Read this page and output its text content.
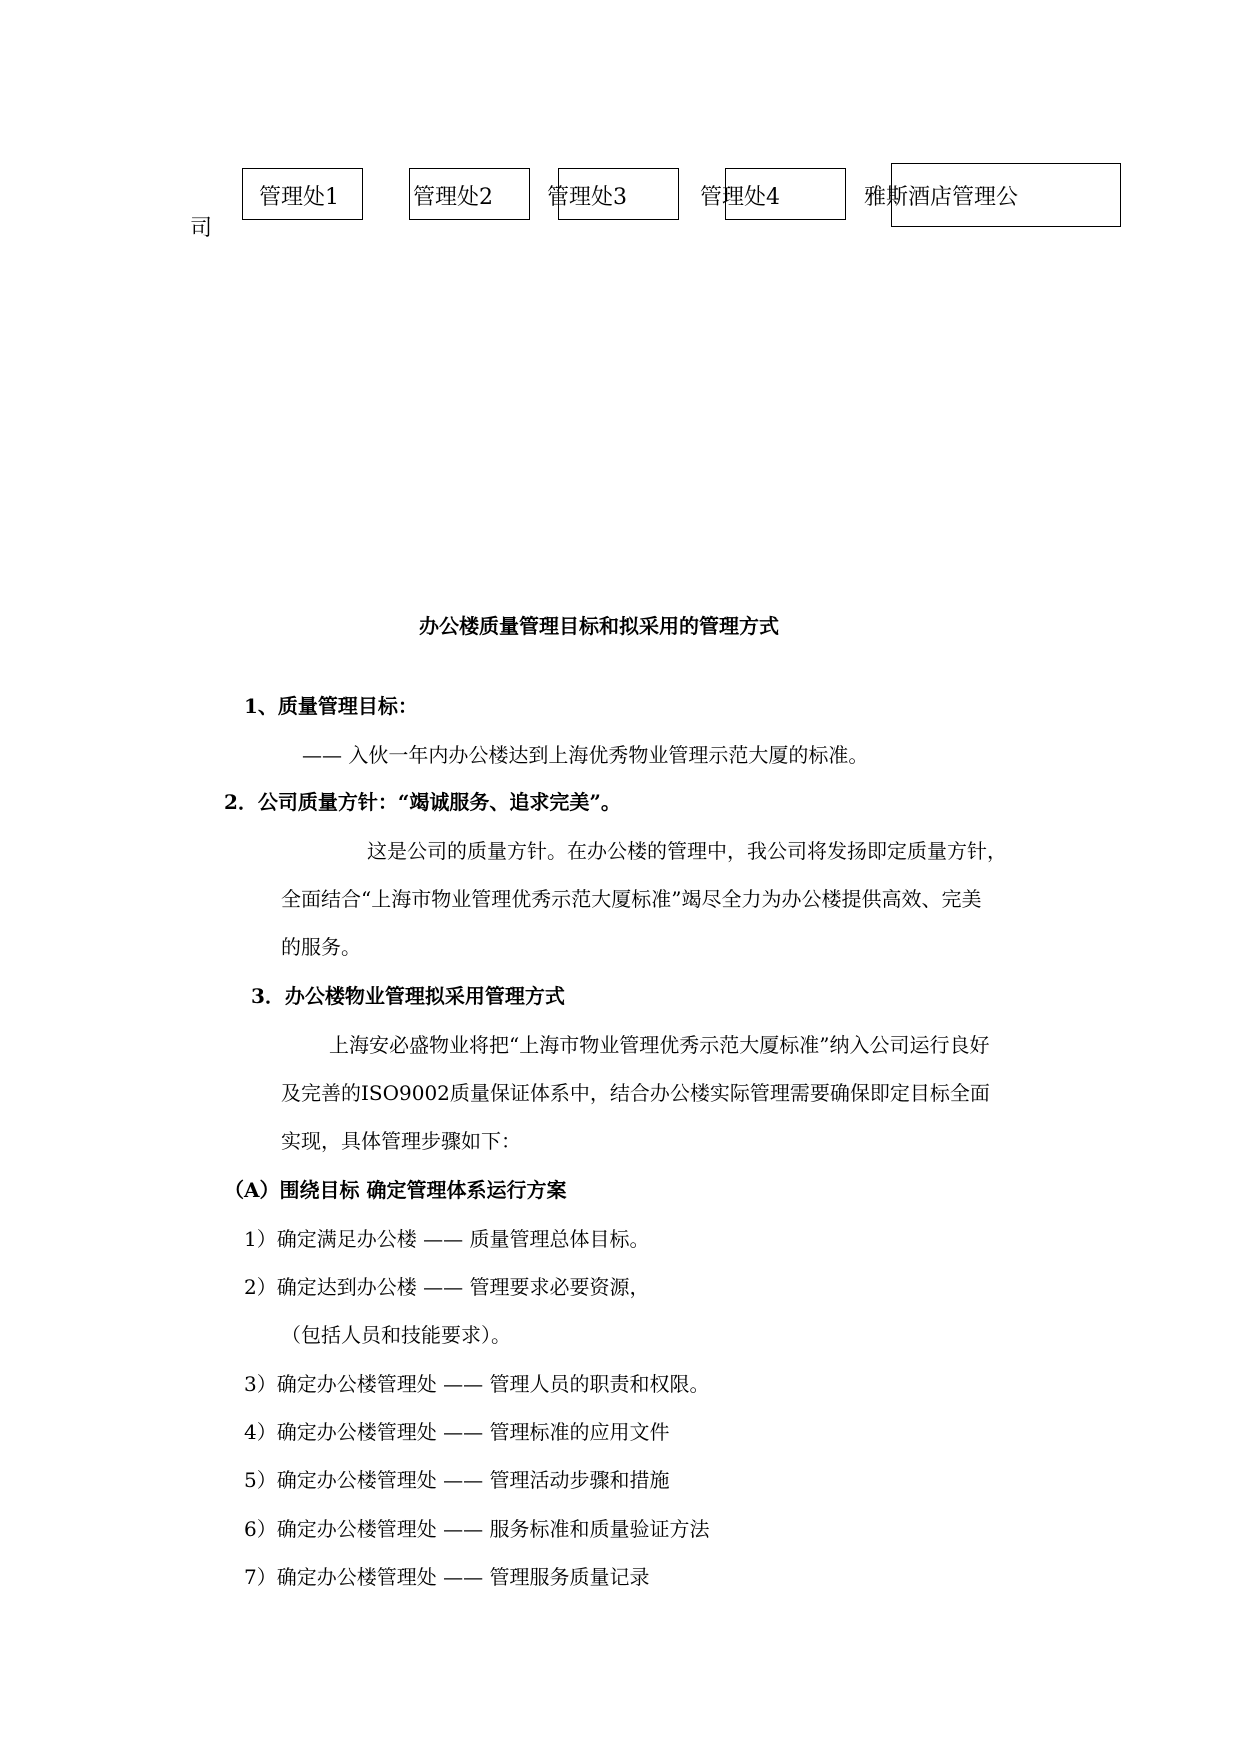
管理处1	管理处2 管理处3	管理处4	雅斯酒店管理公
司
办公楼质量管理目标和拟采用的管理方式
1、质量管理目标：
—— 入伙一年内办公楼达到上海优秀物业管理示范大厦的标准。
2．公司质量方针：“竭诚服务、追求完美”。
这是公司的质量方针。在办公楼的管理中，我公司将发扬即定质量方针，
全面结合“上海市物业管理优秀示范大厦标准”竭尽全力为办公楼提供高效、完美
的服务。
3．办公楼物业管理拟采用管理方式
上海安必盛物业将把“上海市物业管理优秀示范大厦标准”纳入公司运行良好
及完善的ISO9002质量保证体系中，结合办公楼实际管理需要确保即定目标全面
实现，具体管理步骤如下：
（A）围绕目标 确定管理体系运行方案
1）确定满足办公楼 —— 质量管理总体目标。
2）确定达到办公楼 —— 管理要求必要资源，
（包括人员和技能要求）。
3）确定办公楼管理处 —— 管理人员的职责和权限。
4）确定办公楼管理处 —— 管理标准的应用文件
5）确定办公楼管理处 —— 管理活动步骤和措施
6）确定办公楼管理处 —— 服务标准和质量验证方法
7）确定办公楼管理处 —— 管理服务质量记录
